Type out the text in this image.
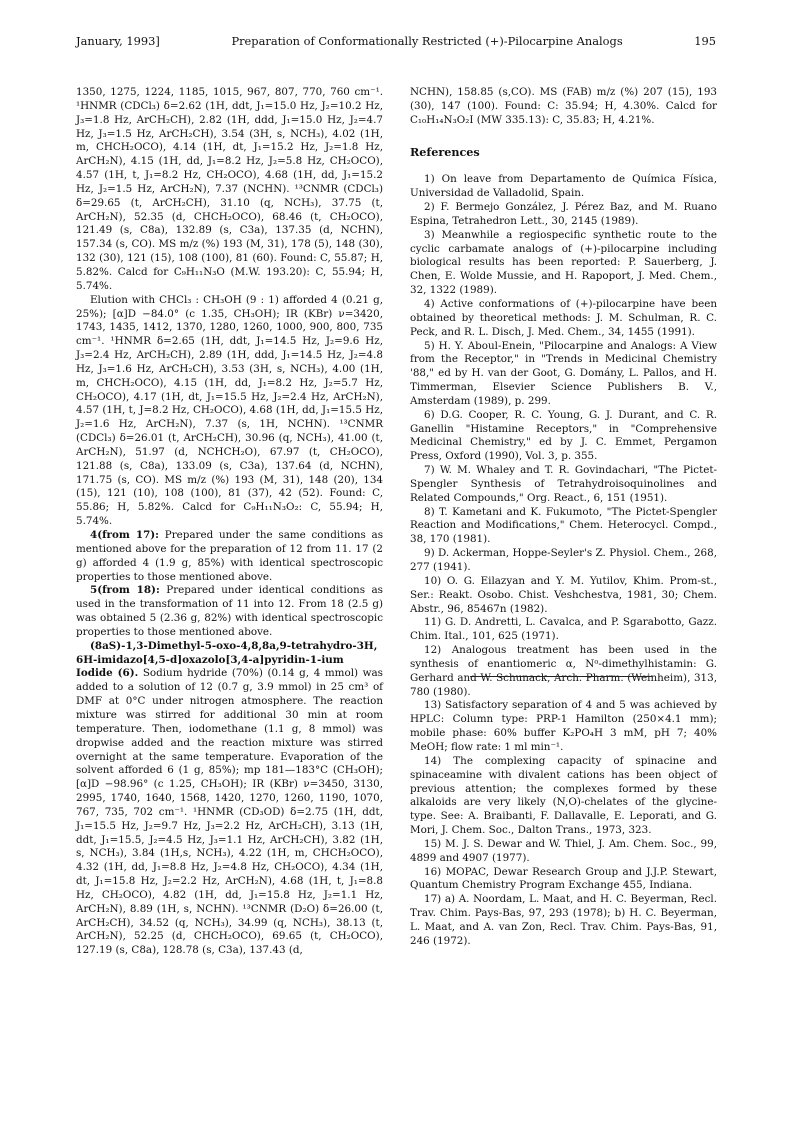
January, 1993]	Preparation of Conformationally Restricted (+)-Pilocarpine Analogs	195

1350, 1275, 1224, 1185, 1015, 967, 807, 770, 760 cm⁻¹. ¹HNMR (CDCl₃) δ=2.62 (1H, ddt, J₁=15.0 Hz, J₂=10.2 Hz, J₃=1.8 Hz, ArCH₂CH), 2.82 (1H, ddd, J₁=15.0 Hz, J₂=4.7 Hz, J₃=1.5 Hz, ArCH₂CH), 3.54 (3H, s, NCH₃), 4.02 (1H, m, CHCH₂OCO), 4.14 (1H, dt, J₁=15.2 Hz, J₂=1.8 Hz, ArCH₂N), 4.15 (1H, dd, J₁=8.2 Hz, J₂=5.8 Hz, CH₂OCO), 4.57 (1H, t, J₁=8.2 Hz, CH₂OCO), 4.68 (1H, dd, J₁=15.2 Hz, J₂=1.5 Hz, ArCH₂N), 7.37 (NCHN). ¹³CNMR (CDCl₃) δ=29.65 (t, ArCH₂CH), 31.10 (q, NCH₃), 37.75 (t, ArCH₂N), 52.35 (d, CHCH₂OCO), 68.46 (t, CH₂OCO), 121.49 (s, C8a), 132.89 (s, C3a), 137.35 (d, NCHN), 157.34 (s, CO). MS m/z (%) 193 (M, 31), 178 (5), 148 (30), 132 (30), 121 (15), 108 (100), 81 (60). Found: C, 55.87; H, 5.82%. Calcd for C₉H₁₁N₃O (M.W. 193.20): C, 55.94; H, 5.74%.

Elution with CHCl₃ : CH₃OH (9 : 1) afforded 4 (0.21 g, 25%); [α]D −84.0° (c 1.35, CH₃OH); IR (KBr) ν=3420, 1743, 1435, 1412, 1370, 1280, 1260, 1000, 900, 800, 735 cm⁻¹. ¹HNMR δ=2.65 (1H, ddt, J₁=14.5 Hz, J₂=9.6 Hz, J₃=2.4 Hz, ArCH₂CH), 2.89 (1H, ddd, J₁=14.5 Hz, J₂=4.8 Hz, J₃=1.6 Hz, ArCH₂CH), 3.53 (3H, s, NCH₃), 4.00 (1H, m, CHCH₂OCO), 4.15 (1H, dd, J₁=8.2 Hz, J₂=5.7 Hz, CH₂OCO), 4.17 (1H, dt, J₁=15.5 Hz, J₂=2.4 Hz, ArCH₂N), 4.57 (1H, t, J=8.2 Hz, CH₂OCO), 4.68 (1H, dd, J₁=15.5 Hz, J₂=1.6 Hz, ArCH₂N), 7.37 (s, 1H, NCHN). ¹³CNMR (CDCl₃) δ=26.01 (t, ArCH₂CH), 30.96 (q, NCH₃), 41.00 (t, ArCH₂N), 51.97 (d, NCHCH₂O), 67.97 (t, CH₂OCO), 121.88 (s, C8a), 133.09 (s, C3a), 137.64 (d, NCHN), 171.75 (s, CO). MS m/z (%) 193 (M, 31), 148 (20), 134 (15), 121 (10), 108 (100), 81 (37), 42 (52). Found: C, 55.86; H, 5.82%. Calcd for C₉H₁₁N₃O₂: C, 55.94; H, 5.74%.

4(from 17): Prepared under the same conditions as mentioned above for the preparation of 12 from 11. 17 (2 g) afforded 4 (1.9 g, 85%) with identical spectroscopic properties to those mentioned above.

5(from 18): Prepared under identical conditions as used in the transformation of 11 into 12. From 18 (2.5 g) was obtained 5 (2.36 g, 82%) with identical spectroscopic properties to those mentioned above.

(8aS)-1,3-Dimethyl-5-oxo-4,8,8a,9-tetrahydro-3H, 6H-imidazo[4,5-d]oxazolo[3,4-a]pyridin-1-ium Iodide (6). Sodium hydride (70%) (0.14 g, 4 mmol) was added to a solution of 12 (0.7 g, 3.9 mmol) in 25 cm³ of DMF at 0°C under nitrogen atmosphere. The reaction mixture was stirred for additional 30 min at room temperature. Then, iodomethane (1.1 g, 8 mmol) was dropwise added and the reaction mixture was stirred overnight at the same temperature. Evaporation of the solvent afforded 6 (1 g, 85%); mp 181—183°C (CH₃OH); [α]D −98.96° (c 1.25, CH₃OH); IR (KBr) ν=3450, 3130, 2995, 1740, 1640, 1568, 1420, 1270, 1260, 1190, 1070, 767, 735, 702 cm⁻¹. ¹HNMR (CD₃OD) δ=2.75 (1H, ddt, J₁=15.5 Hz, J₂=9.7 Hz, J₃=2.2 Hz, ArCH₂CH), 3.13 (1H, ddt, J₁=15.5, J₂=4.5 Hz, J₃=1.1 Hz, ArCH₂CH), 3.82 (1H, s, NCH₃), 3.84 (1H,s, NCH₃), 4.22 (1H, m, CHCH₂OCO), 4.32 (1H, dd, J₁=8.8 Hz, J₂=4.8 Hz, CH₂OCO), 4.34 (1H, dt, J₁=15.8 Hz, J₂=2.2 Hz, ArCH₂N), 4.68 (1H, t, J₁=8.8 Hz, CH₂OCO), 4.82 (1H, dd, J₁=15.8 Hz, J₂=1.1 Hz, ArCH₂N), 8.89 (1H, s, NCHN). ¹³CNMR (D₂O) δ=26.00 (t, ArCH₂CH), 34.52 (q, NCH₃), 34.99 (q, NCH₃), 38.13 (t, ArCH₂N), 52.25 (d, CHCH₂OCO), 69.65 (t, CH₂OCO), 127.19 (s, C8a), 128.78 (s, C3a), 137.43 (d,

NCHN), 158.85 (s,CO). MS (FAB) m/z (%) 207 (15), 193 (30), 147 (100). Found: C: 35.94; H, 4.30%. Calcd for C₁₀H₁₄N₃O₂I (MW 335.13): C, 35.83; H, 4.21%.

References

1) On leave from Departamento de Química Física, Universidad de Valladolid, Spain.

2) F. Bermejo González, J. Pérez Baz, and M. Ruano Espina, Tetrahedron Lett., 30, 2145 (1989).

3) Meanwhile a regiospecific synthetic route to the cyclic carbamate analogs of (+)-pilocarpine including biological results has been reported: P. Sauerberg, J. Chen, E. Wolde Mussie, and H. Rapoport, J. Med. Chem., 32, 1322 (1989).

4) Active conformations of (+)-pilocarpine have been obtained by theoretical methods: J. M. Schulman, R. C. Peck, and R. L. Disch, J. Med. Chem., 34, 1455 (1991).

5) H. Y. Aboul-Enein, "Pilocarpine and Analogs: A View from the Receptor," in "Trends in Medicinal Chemistry '88," ed by H. van der Goot, G. Domány, L. Pallos, and H. Timmerman, Elsevier Science Publishers B. V., Amsterdam (1989), p. 299.

6) D.G. Cooper, R. C. Young, G. J. Durant, and C. R. Ganellin "Histamine Receptors," in "Comprehensive Medicinal Chemistry," ed by J. C. Emmet, Pergamon Press, Oxford (1990), Vol. 3, p. 355.

7) W. M. Whaley and T. R. Govindachari, "The Pictet-Spengler Synthesis of Tetrahydroisoquinolines and Related Compounds," Org. React., 6, 151 (1951).

8) T. Kametani and K. Fukumoto, "The Pictet-Spengler Reaction and Modifications," Chem. Heterocycl. Compd., 38, 170 (1981).

9) D. Ackerman, Hoppe-Seyler's Z. Physiol. Chem., 268, 277 (1941).

10) O. G. Eilazyan and Y. M. Yutilov, Khim. Prom-st., Ser.: Reakt. Osobo. Chist. Veshchestva, 1981, 30; Chem. Abstr., 96, 85467n (1982).

11) G. D. Andretti, L. Cavalca, and P. Sgarabotto, Gazz. Chim. Ital., 101, 625 (1971).

12) Analogous treatment has been used in the synthesis of enantiomeric α, Nᵅ-dimethylhistamin: G. Gerhard and W. Schunack, Arch. Pharm. (Weinheim), 313, 780 (1980).

13) Satisfactory separation of 4 and 5 was achieved by HPLC: Column type: PRP-1 Hamilton (250×4.1 mm); mobile phase: 60% buffer K₂PO₄H 3 mM, pH 7; 40% MeOH; flow rate: 1 ml min⁻¹.

14) The complexing capacity of spinacine and spinaceamine with divalent cations has been object of previous attention; the complexes formed by these alkaloids are very likely (N,O)-chelates of the glycine-type. See: A. Braibanti, F. Dallavalle, E. Leporati, and G. Mori, J. Chem. Soc., Dalton Trans., 1973, 323.

15) M. J. S. Dewar and W. Thiel, J. Am. Chem. Soc., 99, 4899 and 4907 (1977).

16) MOPAC, Dewar Research Group and J.J.P. Stewart, Quantum Chemistry Program Exchange 455, Indiana.

17) a) A. Noordam, L. Maat, and H. C. Beyerman, Recl. Trav. Chim. Pays-Bas, 97, 293 (1978); b) H. C. Beyerman, L. Maat, and A. van Zon, Recl. Trav. Chim. Pays-Bas, 91, 246 (1972).
